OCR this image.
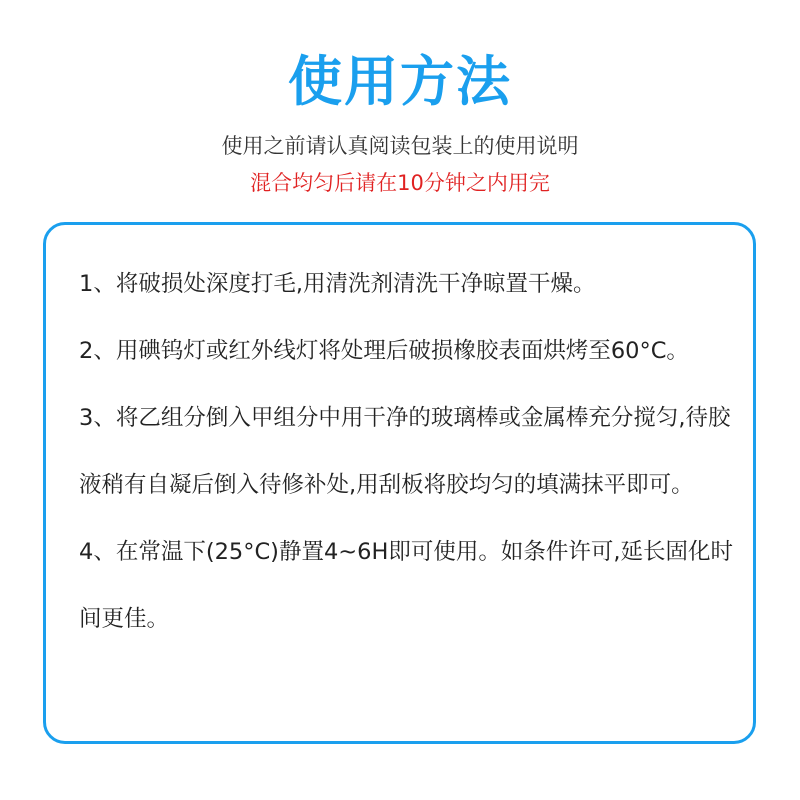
使用方法

使用之前请认真阅读包装上的使用说明

混合均匀后请在10分钟之内用完

1、将破损处深度打毛,用清洗剂清洗干净晾置干燥。
2、用碘钨灯或红外线灯将处理后破损橡胶表面烘烤至60°C。
3、将乙组分倒入甲组分中用干净的玻璃棒或金属棒充分搅匀,待胶液稍有自凝后倒入待修补处,用刮板将胶均匀的填满抹平即可。
4、在常温下(25°C)静置4~6H即可使用。如条件许可,延长固化时间更佳。
